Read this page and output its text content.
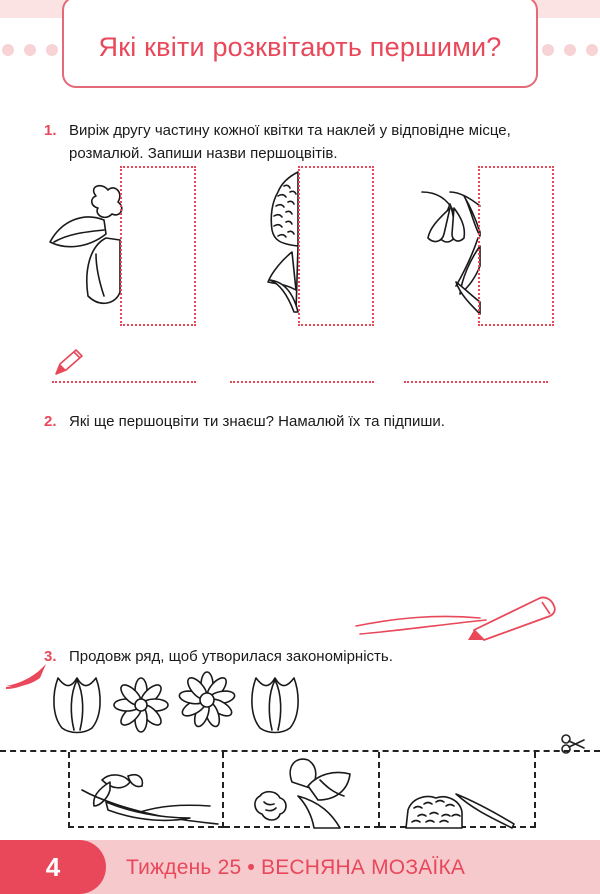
Які квіти розквітають першими?
1. Виріж другу частину кожної квітки та наклей у відповідне місце, розмалюй. Запиши назви першоцвітів.
2. Які ще першоцвіти ти знаєш? Намалюй їх та підпиши.
3. Продовж ряд, щоб утворилася закономірність.
4	Тиждень 25 • ВЕСНЯНА МОЗАЇКА
